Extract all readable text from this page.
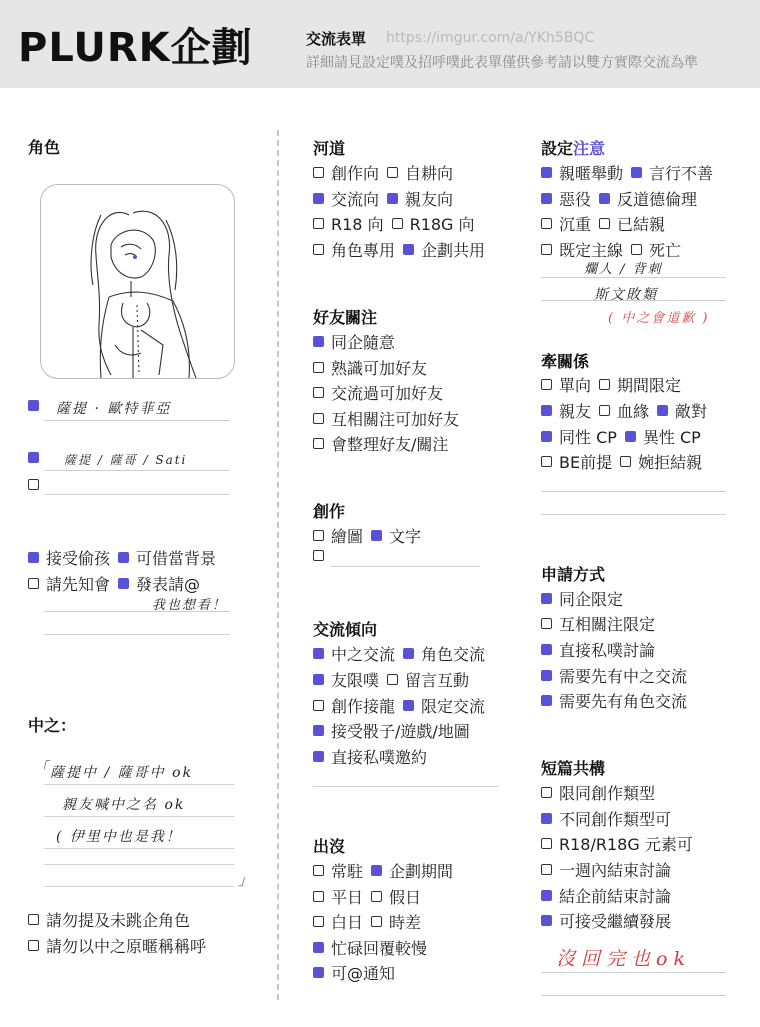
PLURK企劃	交流表單 https://imgur.com/a/YKh5BQC
詳細請見設定噗及招呼噗此表單僅供參考請以雙方實際交流為準
角色
薩提 · 歐特菲亞
薩提 / 薩哥 / Sati
接受偷孩 可借當背景
請先知會 發表請@
我也想看！
中之：
「 薩提中 / 薩哥中 ok
親友喊中之名 ok
( 伊里中也是我！
」
請勿提及未跳企角色
請勿以中之原暱稱稱呼
河道
創作向 自耕向
交流向 親友向
R18 向 R18G 向
角色專用 企劃共用
好友關注
同企隨意
熟識可加好友
交流過可加好友
互相關注可加好友
會整理好友/關注
創作
繪圖 文字
交流傾向
中之交流 角色交流
友限噗 留言互動
創作接龍 限定交流
接受骰子/遊戲/地圖
直接私噗邀約
出沒
常駐 企劃期間
平日 假日
白日 時差
忙碌回覆較慢
可@通知
設定注意
親暱舉動 言行不善
惡役 反道德倫理
沉重 已結親
既定主線 死亡
爛人 / 背刺
斯文敗類
( 中之會道歉 )
牽關係
單向 期間限定
親友 血緣 敵對
同性 CP 異性 CP
BE前提 婉拒結親
申請方式
同企限定
互相關注限定
直接私噗討論
需要先有中之交流
需要先有角色交流
短篇共構
限同創作類型
不同創作類型可
R18/R18G 元素可
一週內結束討論
結企前結束討論
可接受繼續發展
沒回完也ok
